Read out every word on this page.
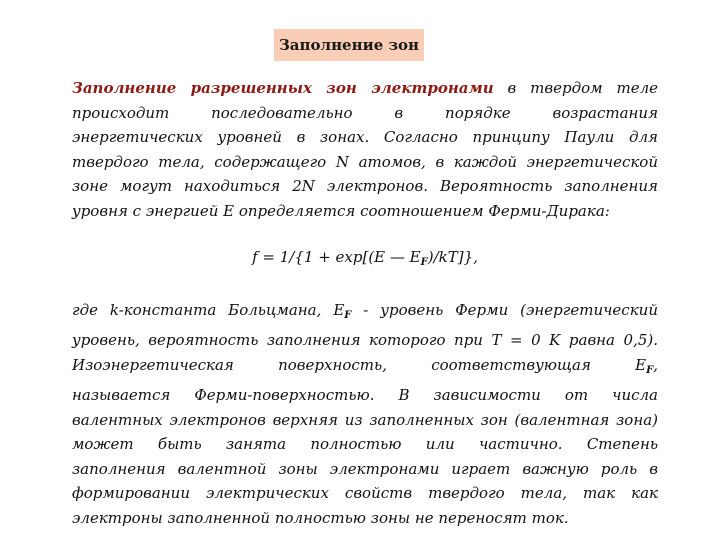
Заполнение зон

Заполнение разрешенных зон электронами в твердом теле
происходит последовательно в порядке возрастания
энергетических уровней в зонах. Согласно принципу Паули для
твердого тела, содержащего N атомов, в каждой энергетической
зоне могут находиться 2N электронов. Вероятность заполнения
уровня с энергией E определяется соотношением Ферми-Дирака:

f = 1/{1 + exp[(E — $E_F)/kT$]},

где k-константа Больцмана, $E_F$ - уровень Ферми (энергетический
уровень, вероятность заполнения которого при T = 0 K равна 0,5).
Изоэнергетическая поверхность, соответствующая $E_F$,
называется Ферми-поверхностью. В зависимости от числа
валентных электронов верхняя из заполненных зон (валентная зона)
может быть занята полностью или частично. Степень
заполнения валентной зоны электронами играет важную роль в
формировании электрических свойств твердого тела, так как
электроны заполненной полностью зоны не переносят ток.
